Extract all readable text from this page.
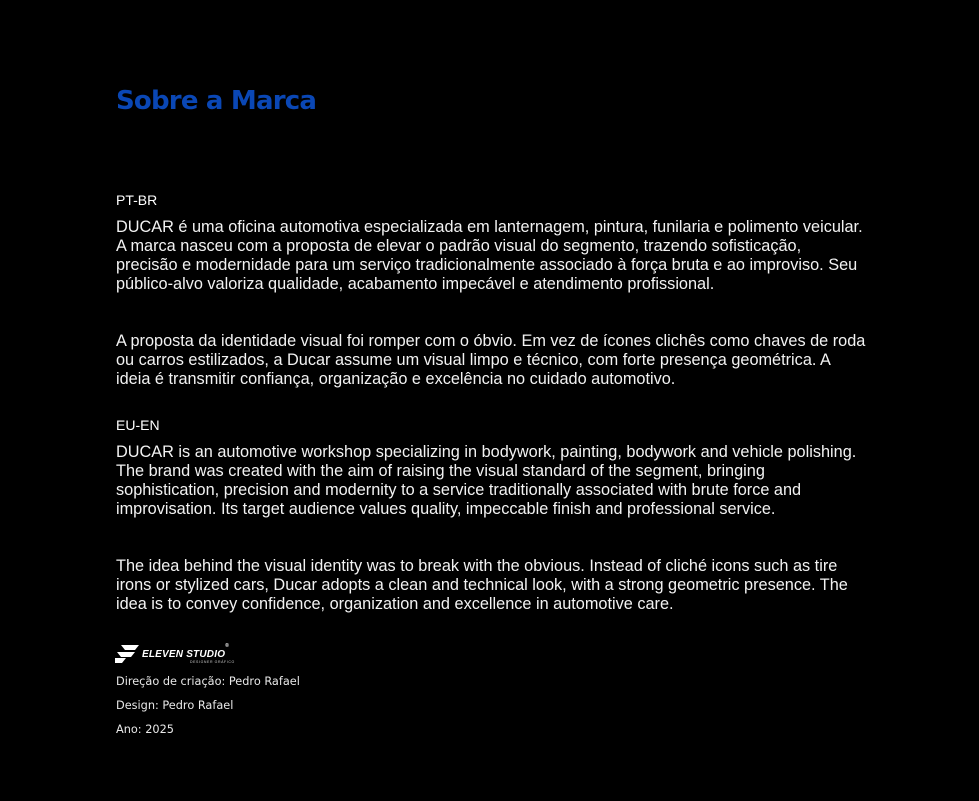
Sobre a Marca
PT-BR

DUCAR é uma oficina automotiva especializada em lanternagem, pintura, funilaria e polimento veicular. A marca nasceu com a proposta de elevar o padrão visual do segmento, trazendo sofisticação, precisão e modernidade para um serviço tradicionalmente associado à força bruta e ao improviso. Seu público-alvo valoriza qualidade, acabamento impecável e atendimento profissional.

A proposta da identidade visual foi romper com o óbvio. Em vez de ícones clichês como chaves de roda ou carros estilizados, a Ducar assume um visual limpo e técnico, com forte presença geométrica. A ideia é transmitir confiança, organização e excelência no cuidado automotivo.

EU-EN

DUCAR is an automotive workshop specializing in bodywork, painting, bodywork and vehicle polishing. The brand was created with the aim of raising the visual standard of the segment, bringing sophistication, precision and modernity to a service traditionally associated with brute force and improvisation. Its target audience values quality, impeccable finish and professional service.

The idea behind the visual identity was to break with the obvious. Instead of cliché icons such as tire irons or stylized cars, Ducar adopts a clean and technical look, with a strong geometric presence. The idea is to convey confidence, organization and excellence in automotive care.

ELEVEN STUDIO®
DESIGNER GRÁFICO
Direção de criação: Pedro Rafael
Design: Pedro Rafael
Ano: 2025
